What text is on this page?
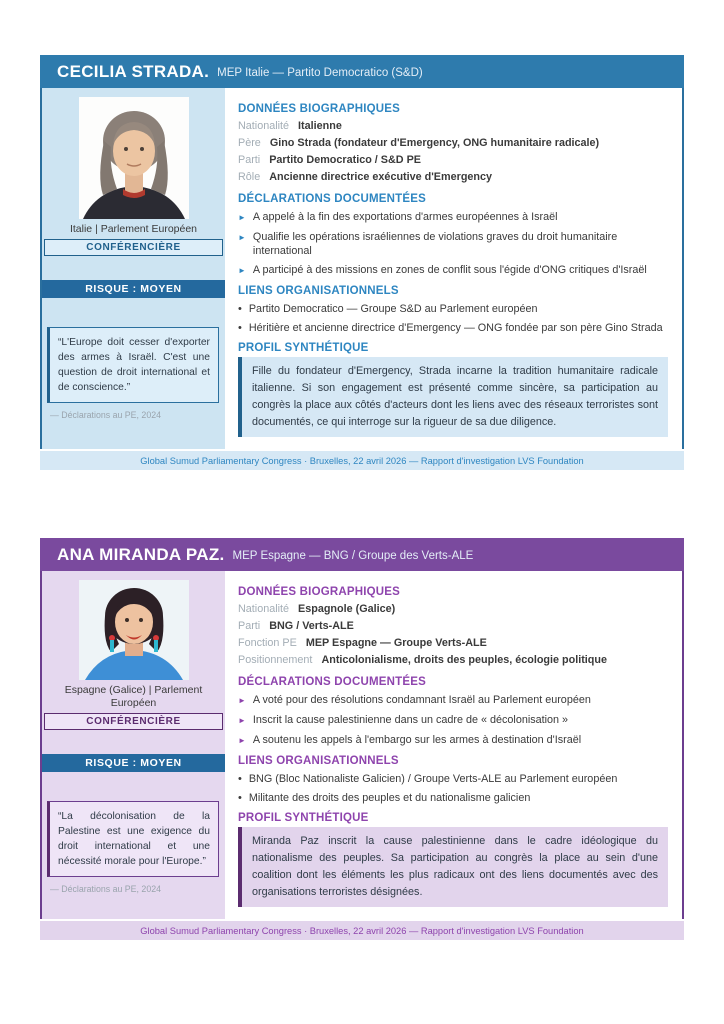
CECILIA STRADA. MEP Italie — Partito Democratico (S&D)
Italie | Parlement Européen
CONFÉRENCIÈRE
RISQUE : MOYEN

“L'Europe doit cesser d'exporter des armes à Israël. C'est une question de droit international et de conscience.”

— Déclarations au PE, 2024
DONNÉES BIOGRAPHIQUES
Nationalité Italienne
Père Gino Strada (fondateur d'Emergency, ONG humanitaire radicale)
Parti Partito Democratico / S&D PE
Rôle Ancienne directrice exécutive d'Emergency
DÉCLARATIONS DOCUMENTÉES
► A appelé à la fin des exportations d'armes européennes à Israël
► Qualifie les opérations israéliennes de violations graves du droit humanitaire international
► A participé à des missions en zones de conflit sous l'égide d'ONG critiques d'Israël
LIENS ORGANISATIONNELS
• Partito Democratico — Groupe S&D au Parlement européen
• Héritière et ancienne directrice d'Emergency — ONG fondée par son père Gino Strada
PROFIL SYNTHÉTIQUE

Fille du fondateur d'Emergency, Strada incarne la tradition humanitaire radicale italienne. Si son engagement est présenté comme sincère, sa participation au congrès la place aux côtés d'acteurs dont les liens avec des réseaux terroristes sont documentés, ce qui interroge sur la rigueur de sa due diligence.

Global Sumud Parliamentary Congress · Bruxelles, 22 avril 2026 — Rapport d'investigation LVS Foundation
ANA MIRANDA PAZ. MEP Espagne — BNG / Groupe des Verts-ALE
Espagne (Galice) | Parlement Européen
CONFÉRENCIÈRE
RISQUE : MOYEN

“La décolonisation de la Palestine est une exigence du droit international et une nécessité morale pour l'Europe.”

— Déclarations au PE, 2024
DONNÉES BIOGRAPHIQUES
Nationalité Espagnole (Galice)
Parti BNG / Verts-ALE
Fonction PE MEP Espagne — Groupe Verts-ALE
Positionnement Anticolonialisme, droits des peuples, écologie politique
DÉCLARATIONS DOCUMENTÉES
► A voté pour des résolutions condamnant Israël au Parlement européen
► Inscrit la cause palestinienne dans un cadre de « décolonisation »
► A soutenu les appels à l'embargo sur les armes à destination d'Israël
LIENS ORGANISATIONNELS
• BNG (Bloc Nationaliste Galicien) / Groupe Verts-ALE au Parlement européen
• Militante des droits des peuples et du nationalisme galicien
PROFIL SYNTHÉTIQUE

Miranda Paz inscrit la cause palestinienne dans le cadre idéologique du nationalisme des peuples. Sa participation au congrès la place au sein d'une coalition dont les éléments les plus radicaux ont des liens documentés avec des organisations terroristes désignées.

Global Sumud Parliamentary Congress · Bruxelles, 22 avril 2026 — Rapport d'investigation LVS Foundation
